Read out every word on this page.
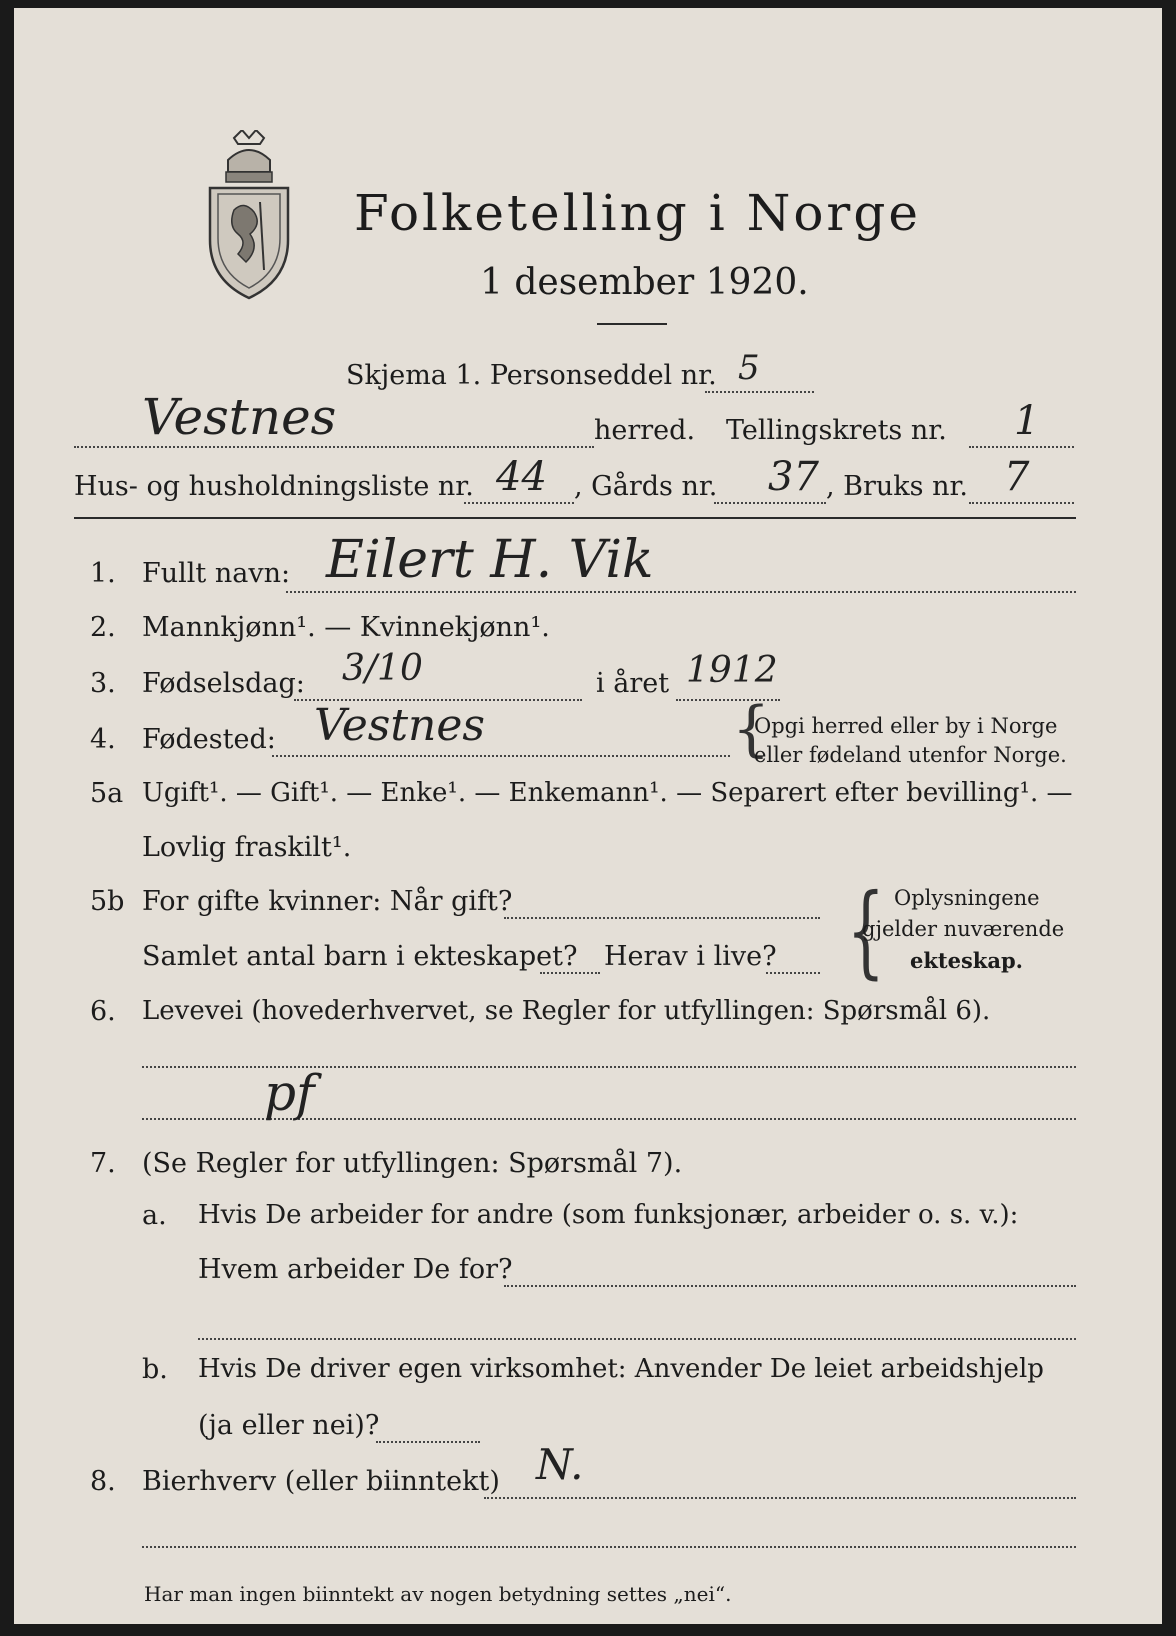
Folketelling i Norge
1 desember 1920.
Skjema 1. Personseddel nr. 5
Vestnes	herred. Tellingskrets nr. 1
Hus- og husholdningsliste nr. 44 , Gårds nr. 37 , Bruks nr. 7
1. Fullt navn: Eilert H. Vik
2. Mannkjønn¹. — Kvinnekjønn¹.
3. Fødselsdag: 3/10	i året 1912
4. Fødested: Vestnes	{
Opgi herred eller by i Norge
eller fødeland utenfor Norge.
5a Ugift¹. — Gift¹. — Enke¹. — Enkemann¹. — Separert efter bevilling¹. —
Lovlig fraskilt¹.
5b For gifte kvinner: Når gift?
Samlet antal barn i ekteskapet? Herav i live? { Oplysningene
gjelder nuværende
ekteskap.
6. Levevei (hovederhvervet, se Regler for utfyllingen: Spørsmål 6).
pf
7. (Se Regler for utfyllingen: Spørsmål 7).
a. Hvis De arbeider for andre (som funksjonær, arbeider o. s. v.):
Hvem arbeider De for?
b. Hvis De driver egen virksomhet: Anvender De leiet arbeidshjelp
(ja eller nei)?
8. Bierhverv (eller biinntekt) N.
Har man ingen biinntekt av nogen betydning settes „nei“.
